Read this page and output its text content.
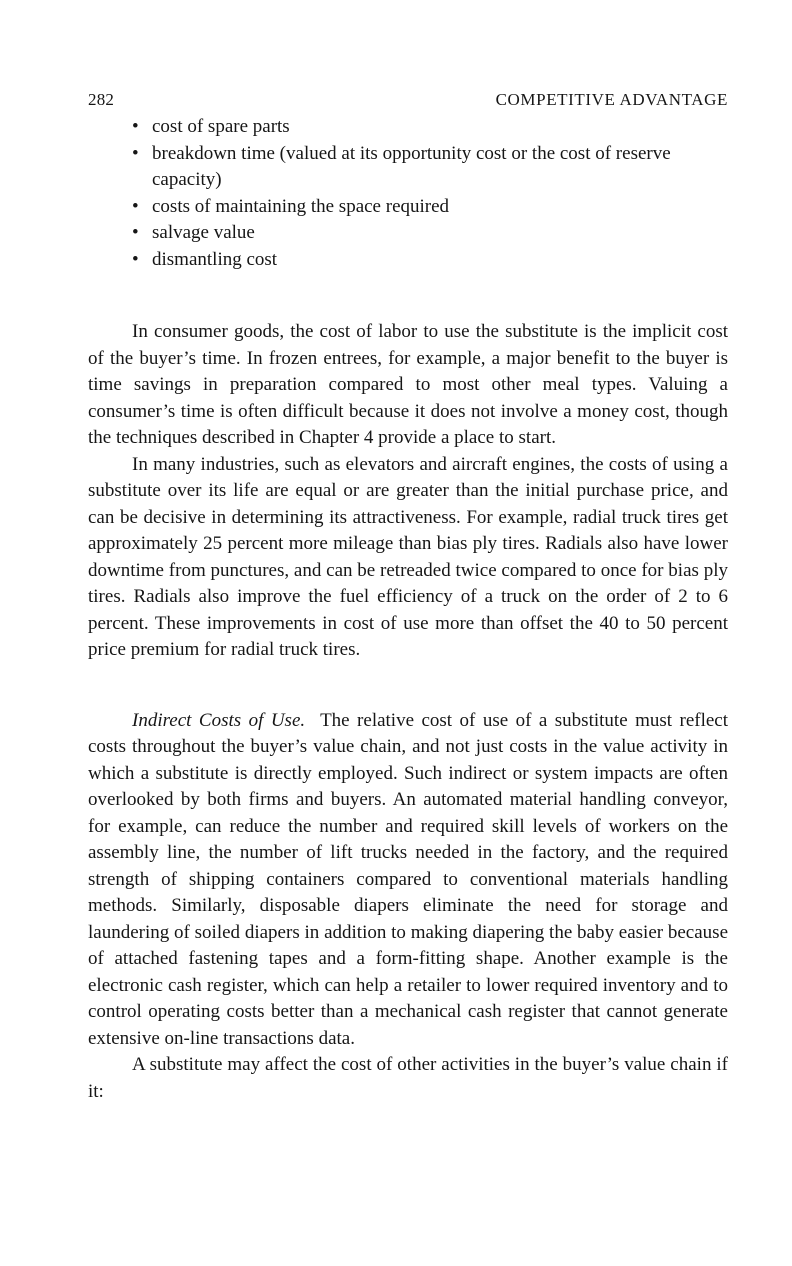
282	COMPETITIVE ADVANTAGE
• cost of spare parts
• breakdown time (valued at its opportunity cost or the cost of reserve capacity)
• costs of maintaining the space required
• salvage value
• dismantling cost

In consumer goods, the cost of labor to use the substitute is the implicit cost of the buyer’s time. In frozen entrees, for example, a major benefit to the buyer is time savings in preparation compared to most other meal types. Valuing a consumer’s time is often difficult because it does not involve a money cost, though the techniques described in Chapter 4 provide a place to start.

In many industries, such as elevators and aircraft engines, the costs of using a substitute over its life are equal or are greater than the initial purchase price, and can be decisive in determining its attractiveness. For example, radial truck tires get approximately 25 percent more mileage than bias ply tires. Radials also have lower downtime from punctures, and can be retreaded twice compared to once for bias ply tires. Radials also improve the fuel efficiency of a truck on the order of 2 to 6 percent. These improvements in cost of use more than offset the 40 to 50 percent price premium for radial truck tires.

Indirect Costs of Use. The relative cost of use of a substitute must reflect costs throughout the buyer’s value chain, and not just costs in the value activity in which a substitute is directly employed. Such indirect or system impacts are often overlooked by both firms and buyers. An automated material handling conveyor, for example, can reduce the number and required skill levels of workers on the assembly line, the number of lift trucks needed in the factory, and the required strength of shipping containers compared to conventional materials handling methods. Similarly, disposable diapers eliminate the need for storage and laundering of soiled diapers in addition to making diapering the baby easier because of attached fastening tapes and a form-fitting shape. Another example is the electronic cash register, which can help a retailer to lower required inventory and to control operating costs better than a mechanical cash register that cannot generate extensive on-line transactions data.

A substitute may affect the cost of other activities in the buyer’s value chain if it:
